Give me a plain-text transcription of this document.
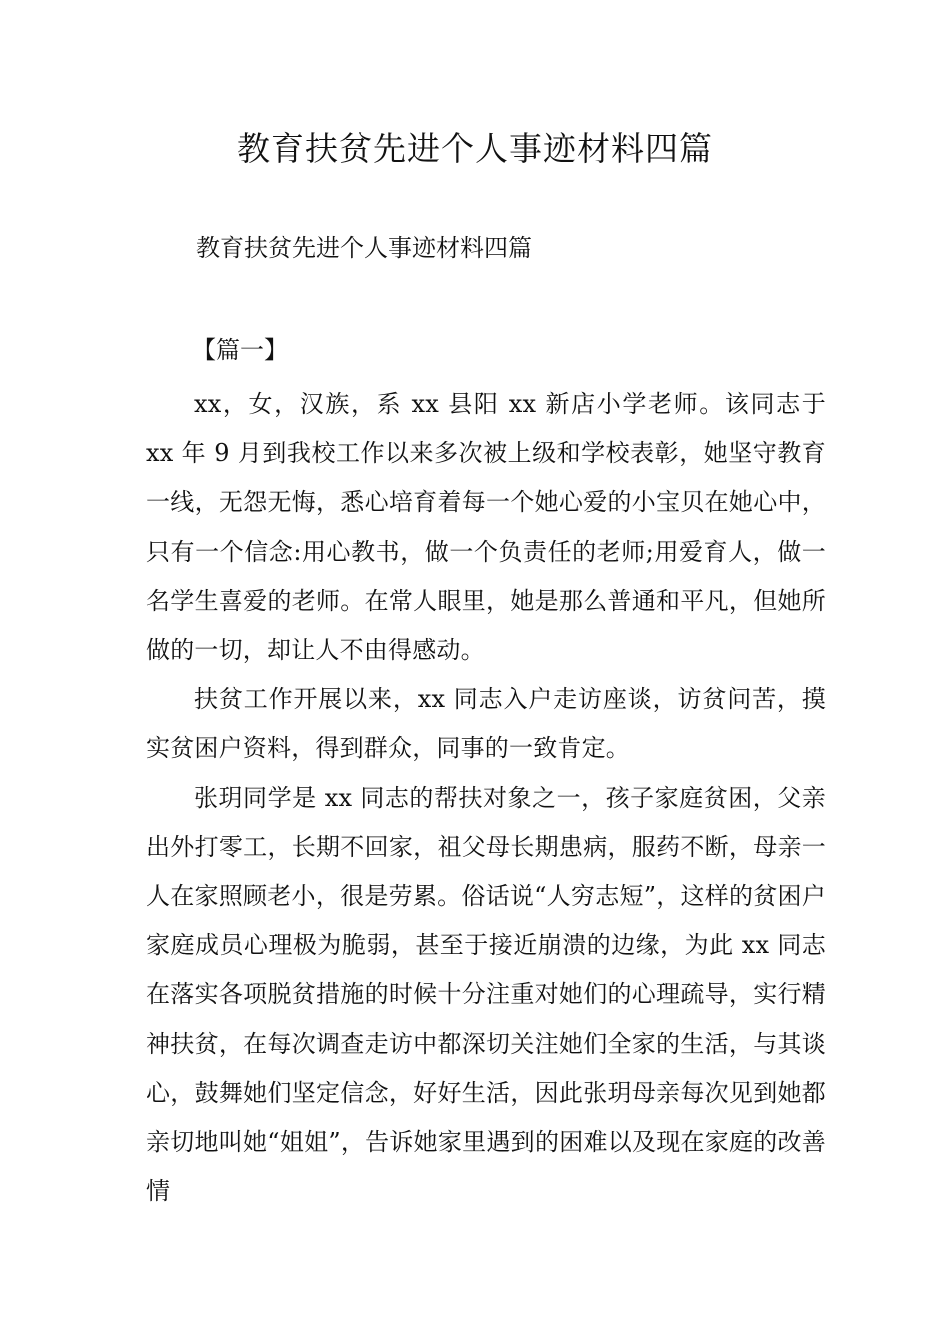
教育扶贫先进个人事迹材料四篇

教育扶贫先进个人事迹材料四篇

【篇一】

xx，女，汉族，系 xx 县阳 xx 新店小学老师。该同志于 xx 年 9 月到我校工作以来多次被上级和学校表彰，她坚守教育一线，无怨无悔，悉心培育着每一个她心爱的小宝贝在她心中，只有一个信念:用心教书，做一个负责任的老师;用爱育人，做一名学生喜爱的老师。在常人眼里，她是那么普通和平凡，但她所做的一切，却让人不由得感动。

扶贫工作开展以来，xx 同志入户走访座谈，访贫问苦，摸实贫困户资料，得到群众，同事的一致肯定。

张玥同学是 xx 同志的帮扶对象之一，孩子家庭贫困，父亲出外打零工，长期不回家，祖父母长期患病，服药不断，母亲一人在家照顾老小，很是劳累。俗话说“人穷志短”，这样的贫困户家庭成员心理极为脆弱，甚至于接近崩溃的边缘，为此 xx 同志在落实各项脱贫措施的时候十分注重对她们的心理疏导，实行精神扶贫，在每次调查走访中都深切关注她们全家的生活，与其谈心，鼓舞她们坚定信念，好好生活，因此张玥母亲每次见到她都亲切地叫她“姐姐”，告诉她家里遇到的困难以及现在家庭的改善情
